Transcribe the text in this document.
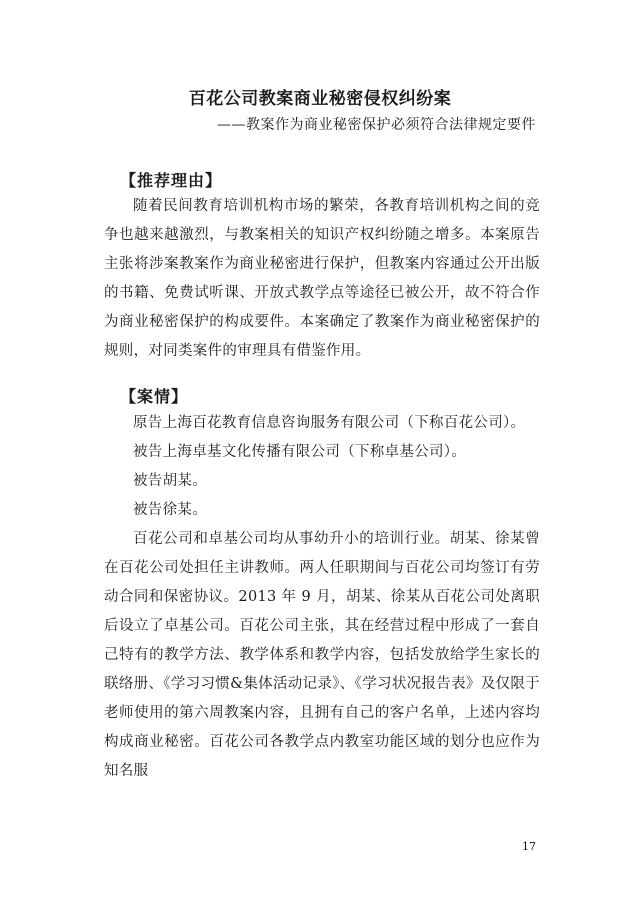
百花公司教案商业秘密侵权纠纷案
——教案作为商业秘密保护必须符合法律规定要件
【推荐理由】

随着民间教育培训机构市场的繁荣，各教育培训机构之间的竞争也越来越激烈，与教案相关的知识产权纠纷随之增多。本案原告主张将涉案教案作为商业秘密进行保护，但教案内容通过公开出版的书籍、免费试听课、开放式教学点等途径已被公开，故不符合作为商业秘密保护的构成要件。本案确定了教案作为商业秘密保护的规则，对同类案件的审理具有借鉴作用。

【案情】

原告上海百花教育信息咨询服务有限公司（下称百花公司）。

被告上海卓基文化传播有限公司（下称卓基公司）。

被告胡某。

被告徐某。

百花公司和卓基公司均从事幼升小的培训行业。胡某、徐某曾在百花公司处担任主讲教师。两人任职期间与百花公司均签订有劳动合同和保密协议。2013 年 9 月，胡某、徐某从百花公司处离职后设立了卓基公司。百花公司主张，其在经营过程中形成了一套自己特有的教学方法、教学体系和教学内容，包括发放给学生家长的联络册、《学习习惯&集体活动记录》、《学习状况报告表》及仅限于老师使用的第六周教案内容，且拥有自己的客户名单，上述内容均构成商业秘密。百花公司各教学点内教室功能区域的划分也应作为知名服

17
